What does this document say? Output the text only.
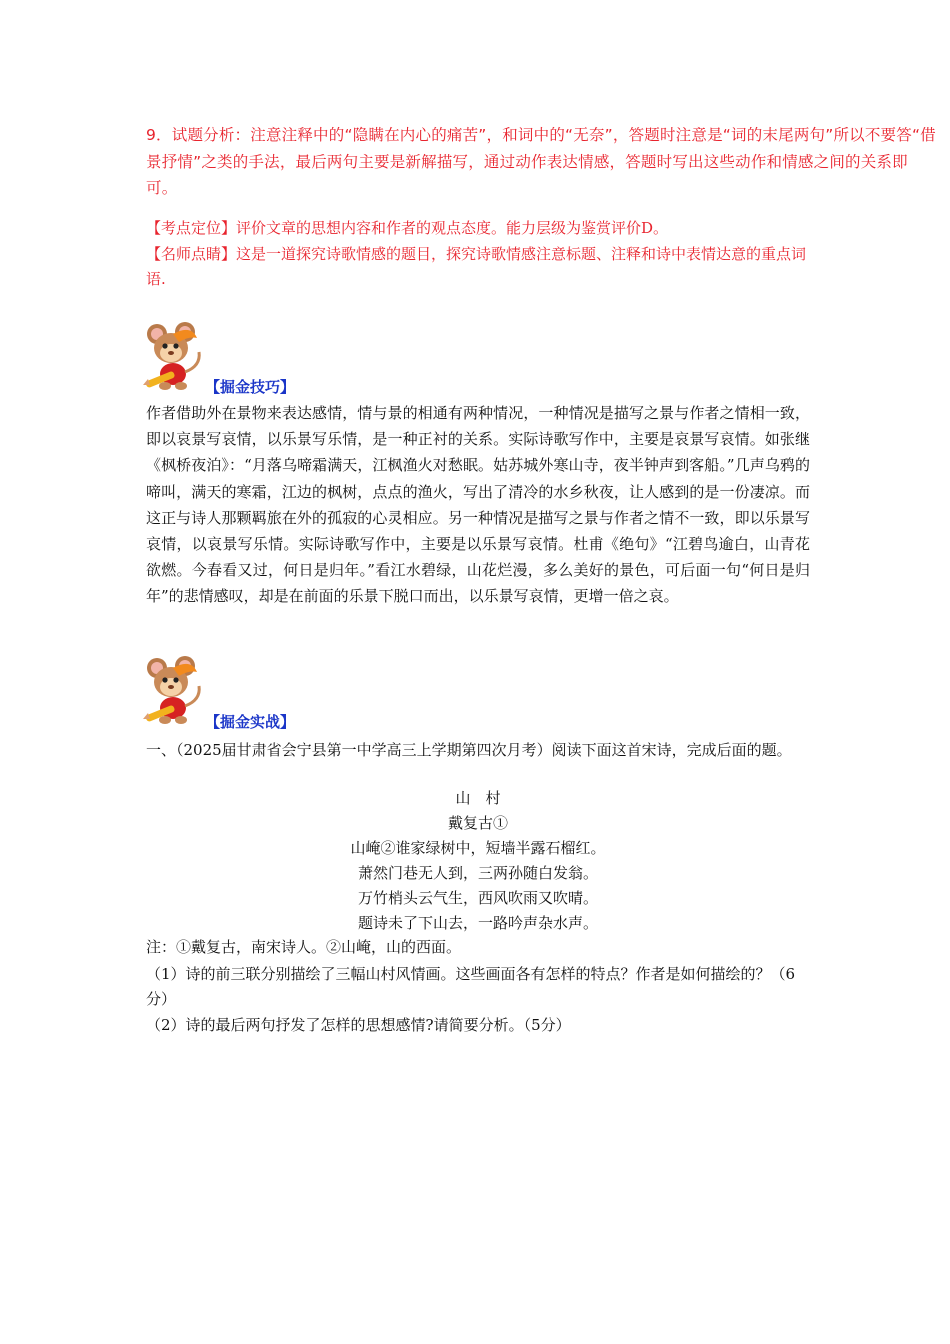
9．试题分析：注意注释中的“隐瞒在内心的痛苦”，和词中的“无奈”，答题时注意是“词的末尾两句”所以不要答“借景抒情”之类的手法，最后两句主要是新解描写，通过动作表达情感，答题时写出这些动作和情感之间的关系即可。
【考点定位】评价文章的思想内容和作者的观点态度。能力层级为鉴赏评价D。
【名师点睛】这是一道探究诗歌情感的题目，探究诗歌情感注意标题、注释和诗中表情达意的重点词语.
【掘金技巧】
作者借助外在景物来表达感情，情与景的相通有两种情况，一种情况是描写之景与作者之情相一致，即以哀景写哀情，以乐景写乐情，是一种正衬的关系。实际诗歌写作中，主要是哀景写哀情。如张继《枫桥夜泊》：“月落乌啼霜满天，江枫渔火对愁眠。姑苏城外寒山寺，夜半钟声到客船。”几声乌鸦的啼叫，满天的寒霜，江边的枫树，点点的渔火，写出了清冷的水乡秋夜，让人感到的是一份凄凉。而这正与诗人那颗羁旅在外的孤寂的心灵相应。另一种情况是描写之景与作者之情不一致，即以乐景写哀情，以哀景写乐情。实际诗歌写作中，主要是以乐景写哀情。杜甫《绝句》“江碧鸟逾白，山青花欲燃。今春看又过，何日是归年。”看江水碧绿，山花烂漫，多么美好的景色，可后面一句“何日是归年”的悲情感叹，却是在前面的乐景下脱口而出，以乐景写哀情，更增一倍之哀。
【掘金实战】
一、（2025届甘肃省会宁县第一中学高三上学期第四次月考）阅读下面这首宋诗，完成后面的题。
山　村
戴复古①
山崦②谁家绿树中，短墙半露石榴红。
萧然门巷无人到，三两孙随白发翁。
万竹梢头云气生，西风吹雨又吹晴。
题诗未了下山去，一路吟声杂水声。
注：①戴复古，南宋诗人。②山崦，山的西面。
（1）诗的前三联分别描绘了三幅山村风情画。这些画面各有怎样的特点？作者是如何描绘的？（6分）
（2）诗的最后两句抒发了怎样的思想感情?请简要分析。（5分）
